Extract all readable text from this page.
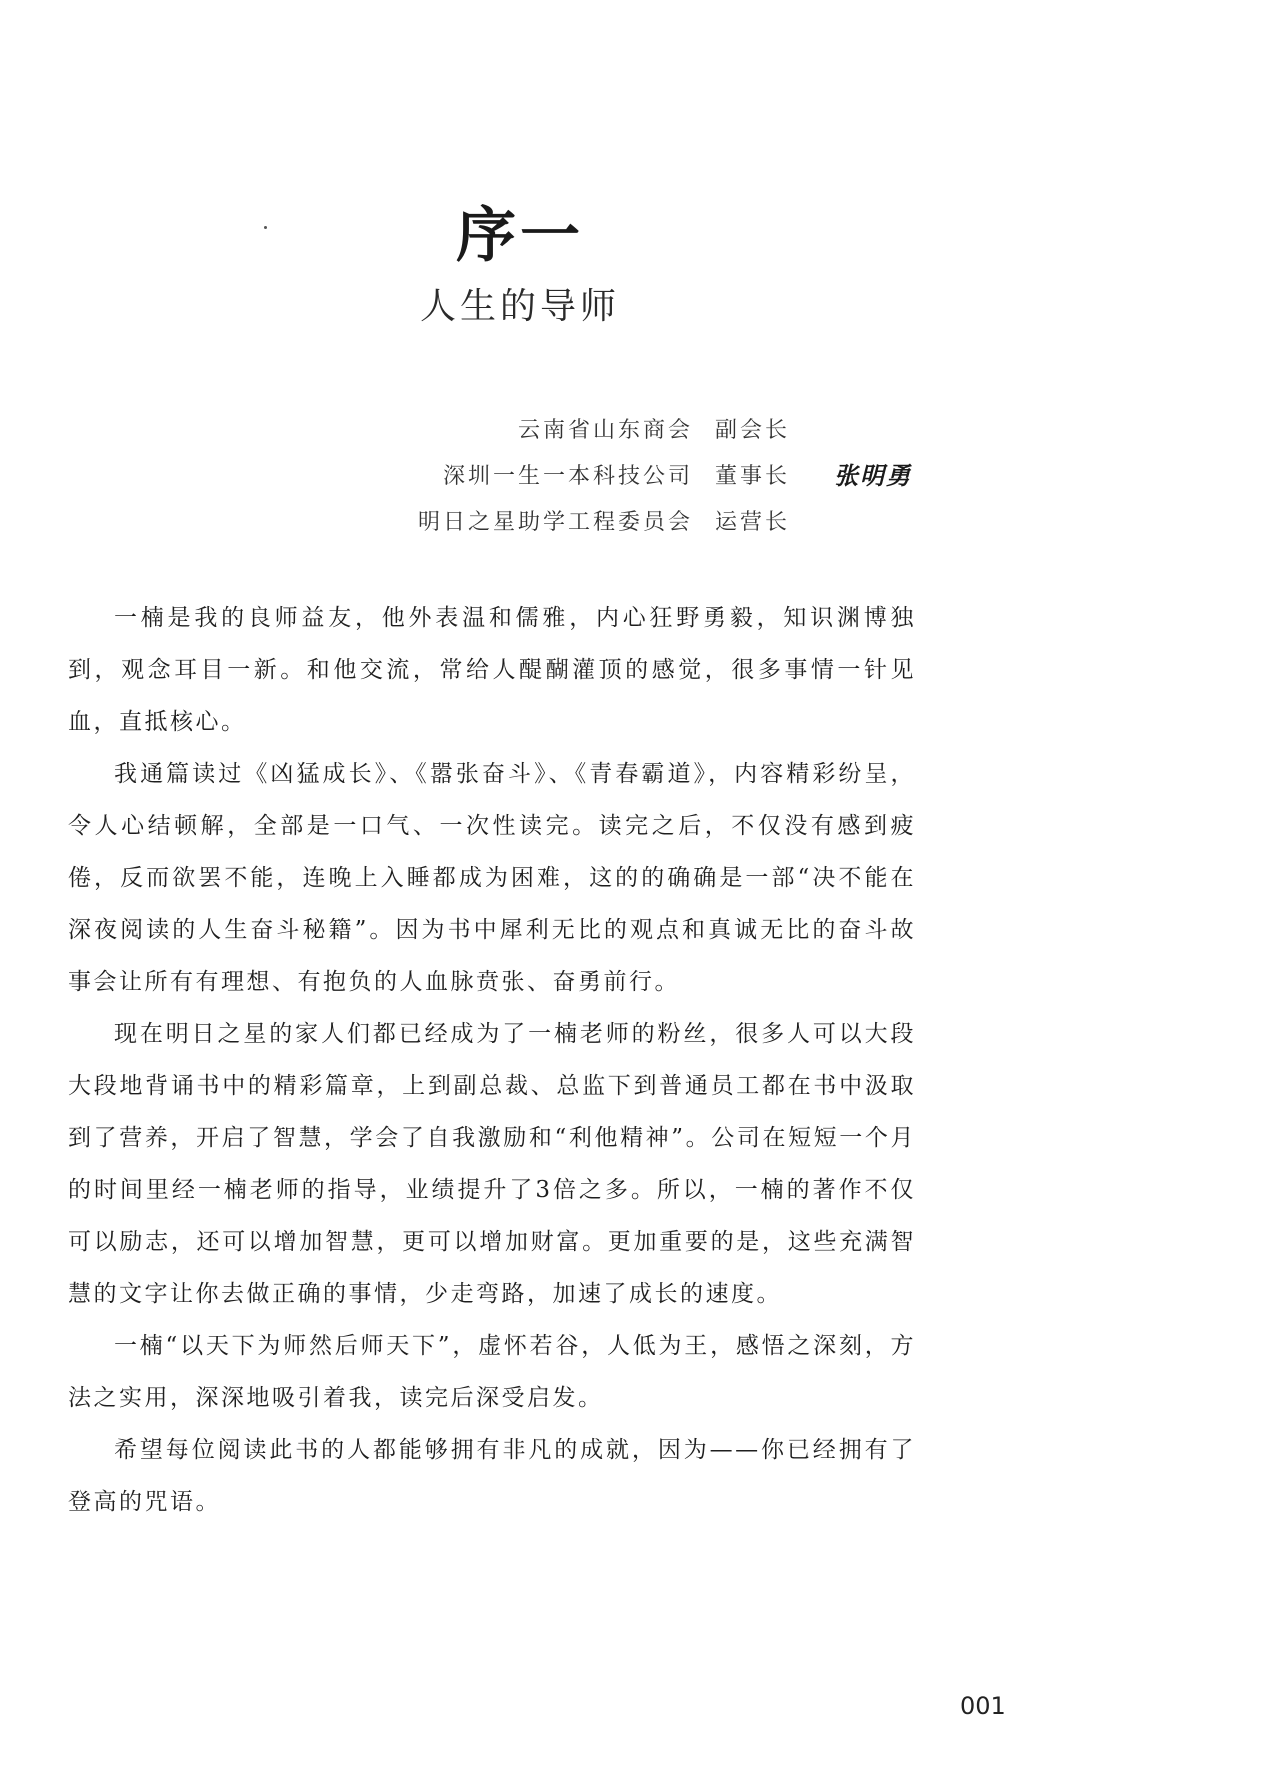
序一
人生的导师
云南省山东商会 副会长
深圳一生一本科技公司 董事长
明日之星助学工程委员会 运营长
张明勇

一楠是我的良师益友，他外表温和儒雅，内心狂野勇毅，知识渊博独到，观念耳目一新。和他交流，常给人醍醐灌顶的感觉，很多事情一针见血，直抵核心。

我通篇读过《凶猛成长》、《嚣张奋斗》、《青春霸道》，内容精彩纷呈，令人心结顿解，全部是一口气、一次性读完。读完之后，不仅没有感到疲倦，反而欲罢不能，连晚上入睡都成为困难，这的的确确是一部“决不能在深夜阅读的人生奋斗秘籍”。因为书中犀利无比的观点和真诚无比的奋斗故事会让所有有理想、有抱负的人血脉贲张、奋勇前行。

现在明日之星的家人们都已经成为了一楠老师的粉丝，很多人可以大段大段地背诵书中的精彩篇章，上到副总裁、总监下到普通员工都在书中汲取到了营养，开启了智慧，学会了自我激励和“利他精神”。公司在短短一个月的时间里经一楠老师的指导，业绩提升了3倍之多。所以，一楠的著作不仅可以励志，还可以增加智慧，更可以增加财富。更加重要的是，这些充满智慧的文字让你去做正确的事情，少走弯路，加速了成长的速度。

一楠“以天下为师然后师天下”，虚怀若谷，人低为王，感悟之深刻，方法之实用，深深地吸引着我，读完后深受启发。

希望每位阅读此书的人都能够拥有非凡的成就，因为——你已经拥有了登高的咒语。

001
